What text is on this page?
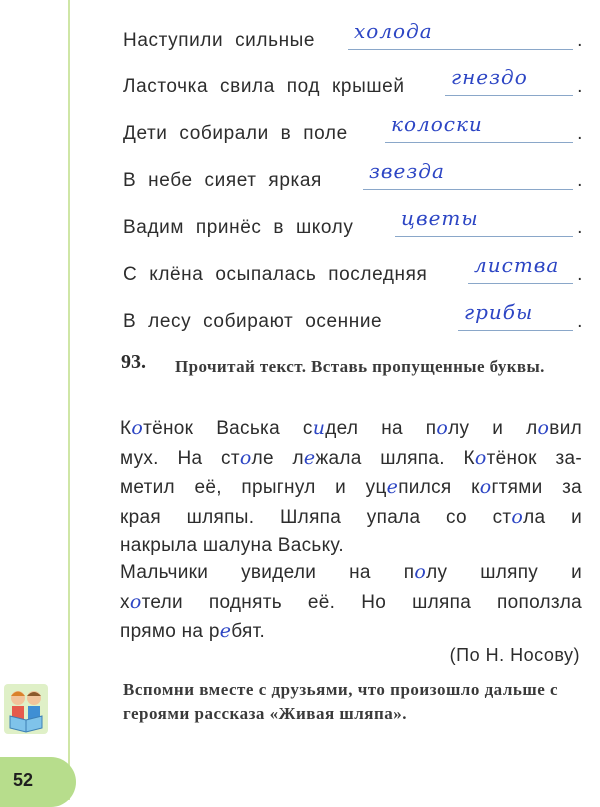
Наступили сильные холода	.
Ласточка свила под крышей гнездо	.
Дети собирали в поле колоски	.
В небе сияет яркая звезда	.
Вадим принёс в школу цветы	.
С клёна осыпалась последняя листва .
В лесу собирают осенние	грибы .
93.	Прочитай текст. Вставь пропущенные буквы.
Котёнок Васька сидел на полу и ловил
мух. На столе лежала шляпа. Котёнок за-
метил её, прыгнул и уцепился когтями за
края шляпы. Шляпа упала со стола и
накрыла шалуна Ваську.
Мальчики увидели на полу шляпу и
хотели поднять её. Но шляпа поползла
прямо на ребят.
(По Н. Носову)
Вспомни вместе с друзьями, что произошло дальше с героями рассказа «Живая шляпа».
52
